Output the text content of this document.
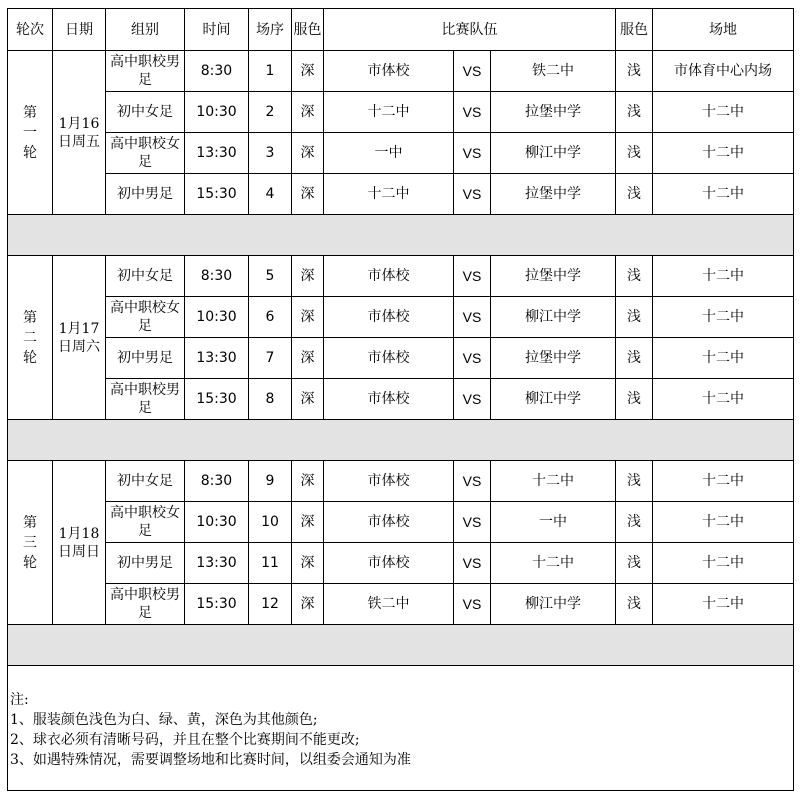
轮次	日期	组别	时间	场序	服色	比赛队伍			服色	场地
第一轮	1月16日周五	高中职校男足	8:30	1	深	市体校	VS	铁二中	浅	市体育中心内场
		初中女足	10:30	2	深	十二中	VS	拉堡中学	浅	十二中
		高中职校女足	13:30	3	深	一中	VS	柳江中学	浅	十二中
		初中男足	15:30	4	深	十二中	VS	拉堡中学	浅	十二中

第二轮	1月17日周六	初中女足	8:30	5	深	市体校	VS	拉堡中学	浅	十二中
		高中职校女足	10:30	6	深	市体校	VS	柳江中学	浅	十二中
		初中男足	13:30	7	深	市体校	VS	拉堡中学	浅	十二中
		高中职校男足	15:30	8	深	市体校	VS	柳江中学	浅	十二中

第三轮	1月18日周日	初中女足	8:30	9	深	市体校	VS	十二中	浅	十二中
		高中职校女足	10:30	10	深	市体校	VS	一中	浅	十二中
		初中男足	13:30	11	深	市体校	VS	十二中	浅	十二中
		高中职校男足	15:30	12	深	铁二中	VS	柳江中学	浅	十二中

注:
1、服装颜色浅色为白、绿、黄，深色为其他颜色;
2、球衣必须有清晰号码，并且在整个比赛期间不能更改;
3、如遇特殊情况，需要调整场地和比赛时间，以组委会通知为准										
